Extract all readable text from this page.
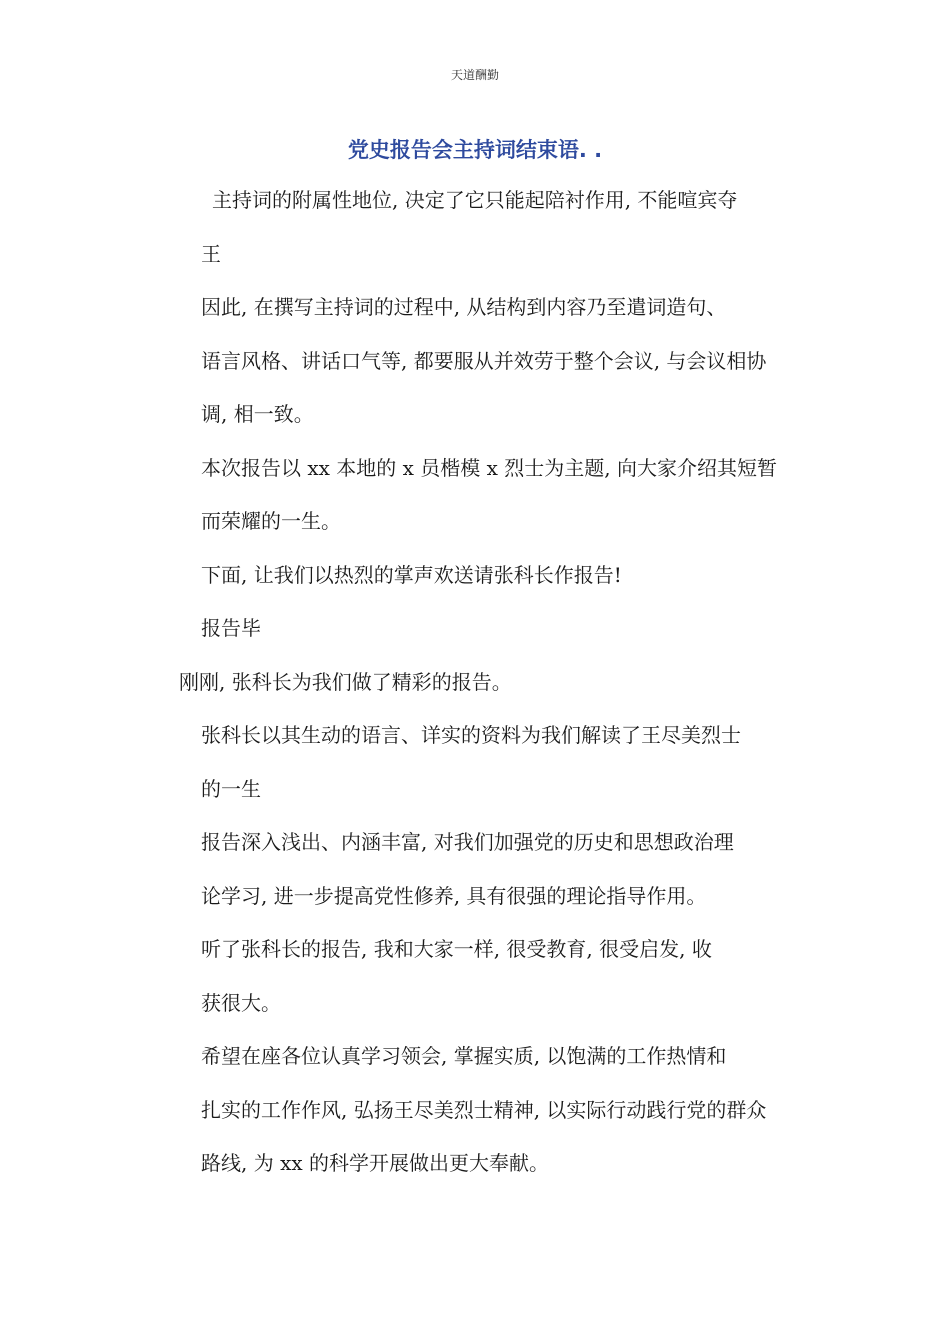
天道酬勤
党史报告会主持词结束语. .
主持词的附属性地位, 决定了它只能起陪衬作用, 不能喧宾夺
王
因此, 在撰写主持词的过程中, 从结构到内容乃至遣词造句、
语言风格、讲话口气等, 都要服从并效劳于整个会议, 与会议相协
调, 相一致。
本次报告以 xx 本地的 x 员楷模 x 烈士为主题, 向大家介绍其短暂
而荣耀的一生。
下面, 让我们以热烈的掌声欢送请张科长作报告!
报告毕
刚刚, 张科长为我们做了精彩的报告。
张科长以其生动的语言、详实的资料为我们解读了王尽美烈士
的一生
报告深入浅出、内涵丰富, 对我们加强党的历史和思想政治理
论学习, 进一步提高党性修养, 具有很强的理论指导作用。
听了张科长的报告, 我和大家一样, 很受教育, 很受启发, 收
获很大。
希望在座各位认真学习领会, 掌握实质, 以饱满的工作热情和
扎实的工作作风, 弘扬王尽美烈士精神, 以实际行动践行党的群众
路线, 为 xx 的科学开展做出更大奉献。
